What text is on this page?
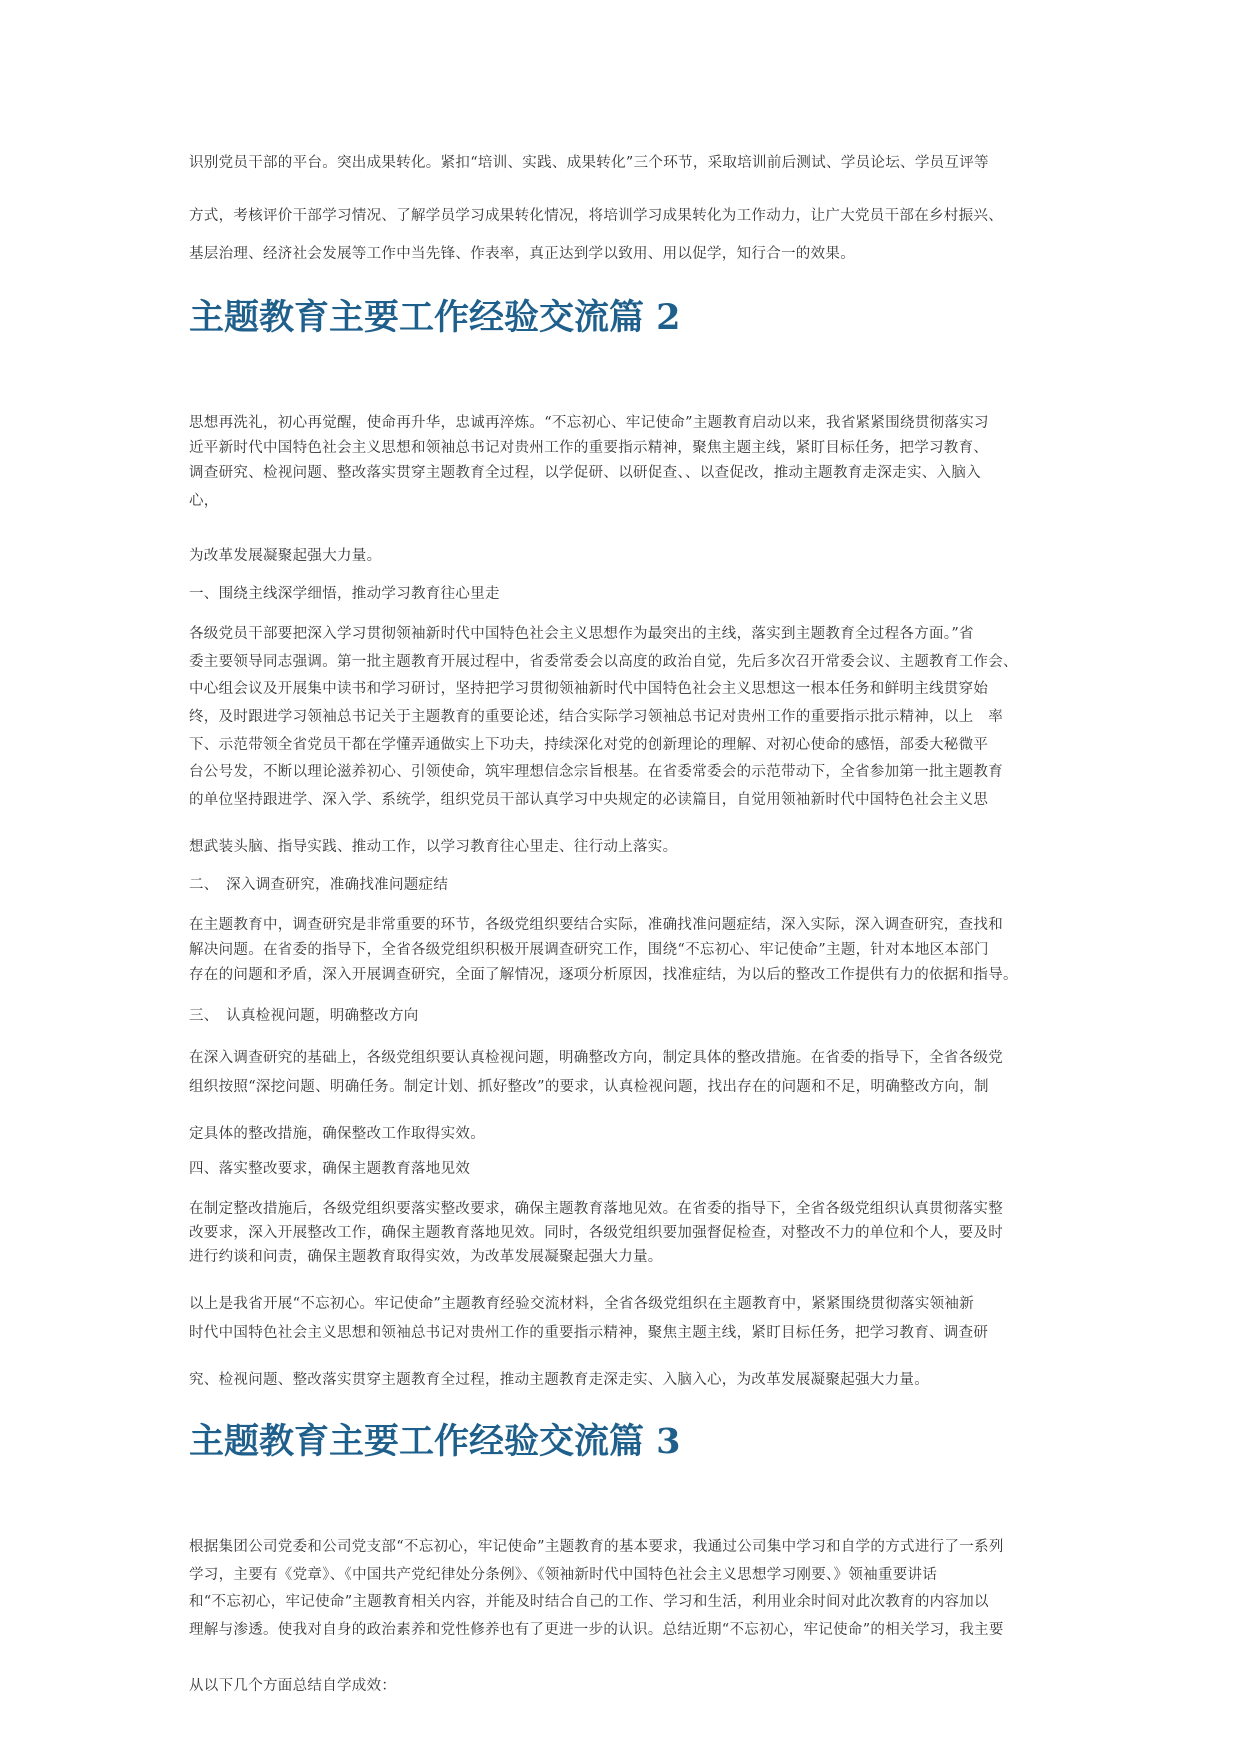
识别党员干部的平台。突出成果转化。紧扣“培训、实践、成果转化”三个环节，采取培训前后测试、学员论坛、学员互评等
方式，考核评价干部学习情况、了解学员学习成果转化情况，将培训学习成果转化为工作动力，让广大党员干部在乡村振兴、
基层治理、经济社会发展等工作中当先锋、作表率，真正达到学以致用、用以促学，知行合一的效果。
主题教育主要工作经验交流篇 2
思想再洗礼，初心再觉醒，使命再升华，忠诚再淬炼。“不忘初心、牢记使命”主题教育启动以来，我省紧紧围绕贯彻落实习
近平新时代中国特色社会主义思想和领袖总书记对贵州工作的重要指示精神，聚焦主题主线，紧盯目标任务，把学习教育、
调查研究、检视问题、整改落实贯穿主题教育全过程，以学促研、以研促查、、以查促改，推动主题教育走深走实、入脑入
心，
为改革发展凝聚起强大力量。
一、围绕主线深学细悟，推动学习教育往心里走
各级党员干部要把深入学习贯彻领袖新时代中国特色社会主义思想作为最突出的主线，落实到主题教育全过程各方面。”省
委主要领导同志强调。第一批主题教育开展过程中，省委常委会以高度的政治自觉，先后多次召开常委会议、主题教育工作会、
中心组会议及开展集中读书和学习研讨，坚持把学习贯彻领袖新时代中国特色社会主义思想这一根本任务和鲜明主线贯穿始
终，及时跟进学习领袖总书记关于主题教育的重要论述，结合实际学习领袖总书记对贵州工作的重要指示批示精神，以上　率
下、示范带领全省党员干都在学懂弄通做实上下功夫，持续深化对党的创新理论的理解、对初心使命的感悟，部委大秘微平
台公号发，不断以理论滋养初心、引领使命，筑牢理想信念宗旨根基。在省委常委会的示范带动下，全省参加第一批主题教育
的单位坚持跟进学、深入学、系统学，组织党员干部认真学习中央规定的必读篇目，自觉用领袖新时代中国特色社会主义思
想武装头脑、指导实践、推动工作，以学习教育往心里走、往行动上落实。
二、　深入调查研究，准确找准问题症结
在主题教育中，调查研究是非常重要的环节，各级党组织要结合实际，准确找准问题症结，深入实际，深入调查研究，查找和
解决问题。在省委的指导下，全省各级党组织积极开展调查研究工作，围绕“不忘初心、牢记使命”主题，针对本地区本部门
存在的问题和矛盾，深入开展调查研究，全面了解情况，逐项分析原因，找准症结，为以后的整改工作提供有力的依据和指导。
三、　认真检视问题，明确整改方向
在深入调查研究的基础上，各级党组织要认真检视问题，明确整改方向，制定具体的整改措施。在省委的指导下，全省各级党
组织按照“深挖问题、明确任务。制定计划、抓好整改”的要求，认真检视问题，找出存在的问题和不足，明确整改方向，制
定具体的整改措施，确保整改工作取得实效。
四、落实整改要求，确保主题教育落地见效
在制定整改措施后，各级党组织要落实整改要求，确保主题教育落地见效。在省委的指导下，全省各级党组织认真贯彻落实整
改要求，深入开展整改工作，确保主题教育落地见效。同时，各级党组织要加强督促检查，对整改不力的单位和个人，要及时
进行约谈和问责，确保主题教育取得实效，为改革发展凝聚起强大力量。
以上是我省开展“不忘初心。牢记使命”主题教育经验交流材料，全省各级党组织在主题教育中，紧紧围绕贯彻落实领袖新
时代中国特色社会主义思想和领袖总书记对贵州工作的重要指示精神，聚焦主题主线，紧盯目标任务，把学习教育、调查研
究、检视问题、整改落实贯穿主题教育全过程，推动主题教育走深走实、入脑入心，为改革发展凝聚起强大力量。
主题教育主要工作经验交流篇 3
根据集团公司党委和公司党支部“不忘初心，牢记使命”主题教育的基本要求，我通过公司集中学习和自学的方式进行了一系列
学习，主要有《党章》、《中国共产党纪律处分条例》、《领袖新时代中国特色社会主义思想学习刚要、》领袖重要讲话
和“不忘初心，牢记使命”主题教育相关内容，并能及时结合自己的工作、学习和生活，利用业余时间对此次教育的内容加以
理解与渗透。使我对自身的政治素养和党性修养也有了更进一步的认识。总结近期“不忘初心，牢记使命”的相关学习，我主要
从以下几个方面总结自学成效：
